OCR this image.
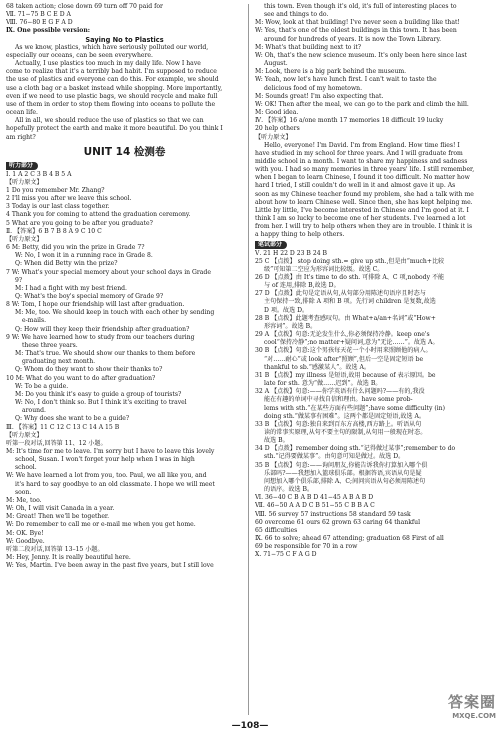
68 taken action; close down 69 turn off 70 paid for
Ⅶ. 71−75 B C E D A
Ⅷ. 76−80 E G F A D
Ⅸ. One possible version:
Saying No to Plastics
As we know, plastics, which have seriously polluted our world,
especially our oceans, can be seen everywhere.
Actually, I use plastics too much in my daily life. Now I have
come to realize that it's a terribly bad habit. I'm supposed to reduce
the use of plastics and everyone can do this. For example, we should
use a cloth bag or a basket instead while shopping. More importantly,
even if we need to use plastic bags, we should recycle and make full
use of them in order to stop them flowing into oceans to pollute the
ocean life.
All in all, we should reduce the use of plastics so that we can
hopefully protect the earth and make it more beautiful. Do you think I
am right?
UNIT 14 检测卷
听力部分
Ⅰ. 1 A 2 C 3 B 4 B 5 A
【听力原文】
1 Do you remember Mr. Zhang?
2 I'll miss you after we leave this school.
3 Today is our last class together.
4 Thank you for coming to attend the graduation ceremony.
5 What are you going to be after you graduate?
Ⅱ. 【答案】6 B 7 B 8 A 9 C 10 C
【听力原文】
6 M: Betty, did you win the prize in Grade 7?
W: No, I won it in a running race in Grade 8.
Q: When did Betty win the prize?
7 W: What's your special memory about your school days in Grade
9?
M: I had a fight with my best friend.
Q: What's the boy's special memory of Grade 9?
8 W: Tom, I hope our friendship will last after graduation.
M: Me, too. We should keep in touch with each other by sending
e-mails.
Q: How will they keep their friendship after graduation?
9 W: We have learned how to study from our teachers during
these three years.
M: That's true. We should show our thanks to them before
graduating next month.
Q: Whom do they want to show their thanks to?
10 M: What do you want to do after graduation?
W: To be a guide.
M: Do you think it's easy to guide a group of tourists?
W: No, I don't think so. But I think it's exciting to travel
around.
Q: Why does she want to be a guide?
Ⅲ. 【答案】11 C 12 C 13 C 14 A 15 B
【听力原文】
听第一段对话,回答第 11、12 小题。
M: It's time for me to leave. I'm sorry but I have to leave this lovely
school, Susan. I won't forget your help when I was in high
school.
W: We have learned a lot from you, too. Paul, we all like you, and
it's hard to say goodbye to an old classmate. I hope we will meet
soon.
M: Me, too.
W: Oh, I will visit Canada in a year.
M: Great! Then we'll be together.
W: Do remember to call me or e-mail me when you get home.
M: OK. Bye!
W: Goodbye.
听第二段对话,回答第 13–15 小题。
M: Hey, Jenny. It is really beautiful here.
W: Yes, Martin. I've been away in the past five years, but I still love
this town. Even though it's old, it's full of interesting places to
see and things to do.
M: Wow, look at that building! I've never seen a building like that!
W: Yes, that's one of the oldest buildings in this town. It has been
around for hundreds of years. It is now the Town Library.
M: What's that building next to it?
W: Oh, that's the new science museum. It's only been here since last
August.
M: Look, there is a big park behind the museum.
W: Yeah, now let's have lunch first. I can't wait to taste the
delicious food of my hometown.
M: Sounds great! I'm also expecting that.
W: OK! Then after the meal, we can go to the park and climb the hill.
M: Good idea.
Ⅳ. 【答案】16 a/one month 17 memories 18 difficult 19 lucky
20 help others
【听力原文】
Hello, everyone! I'm David. I'm from England. How time flies! I
have studied in my school for three years. And I will graduate from
middle school in a month. I want to share my happiness and sadness
with you. I had so many memories in three years' life. I still remember,
when I began to learn Chinese, I found it too difficult. No matter how
hard I tried, I still couldn't do well in it and almost gave it up. As
soon as my Chinese teacher found my problem, she had a talk with me
about how to learn Chinese well. Since then, she has kept helping me.
Little by little, I've become interested in Chinese and I'm good at it. I
think I am so lucky to become one of her students. I've learned a lot
from her. I will try to help others when they are in trouble. I think it is
a happy thing to help others.
笔试部分
Ⅴ. 21 H 22 D 23 B 24 B
25 C 【点拨】 stop doing sth.= give up sth.,但是由“much+比较
级”可知第二空应为形容词比较级。故选 C。
26 D 【点拨】由 It's time to do sth. 可排除 A、C 项,nobody 不能
与 of 连用,排除 B,故选 D。
27 D 【点拨】此句是定语从句,从句部分用陈述句语序且时态与
主句保持一致,排除 A 项和 B 项。先行词 children 是复数,故选
D 项。故选 D。
28 B 【点拨】此题考查感叹句。由 What+a/an+名词”或“How+
形容词”。故选 B。
29 A 【点拨】句意:无论发生什么,你必须保持冷静。keep one's
cool“保持冷静”;no matter+疑问词,意为“无论……”。故选 A。
30 B 【点拨】句意:这个男孩每天花一个小时用来照顾他的病人。
“对……耐心”或 look after“照顾”,但后一空是固定短语 be
thankful to sb.“感激某人”。故选 A。
31 B 【点拨】my illness 是短语,故用 because of 表示原因。be
late for sth. 意为“做……迟到”。故选 B。
32 A 【点拨】句意:——你学英语有什么问题吗?——有的,我没
能在有趣的单词中寻找自信和理由。have some prob-
lems with sth.“在某些方面有些问题”;have some difficulty (in)
doing sth.“做某事有困难”。这两个都是固定短语,故选 A。
33 B 【点拨】句意:独自来到百东方高楼,西方路上。听语从句
读的常事实原理,从句不要主句的限制,从句用一般现在时态。
故选 B。
34 D 【点拨】remember doing sth.“记得做过某事”;remember to do
sth.“记得要做某事”。由句意可知是做过。故选 D。
35 B 【点拨】句意:——询问朋友,你能告诉我你打算加入哪个俱
乐部吗?——我想加入篮球俱乐部。根据答语,宾语从句是疑
问想加入哪个俱乐部,排除 A、C;间问宾语从句必须用陈述句
的语序。故选 B。
Ⅵ. 36−40 C B A B D 41−45 A B A B D
Ⅶ. 46−50 A A D C B 51−55 C B B A C
Ⅷ. 56 survey 57 instructions 58 standard 59 task
60 overcome 61 ours 62 grown 63 caring 64 thankful
65 difficulties
Ⅸ. 66 to solve; ahead 67 attending; graduation 68 First of all
69 be responsible for 70 in a row
Ⅹ. 71−75 C F A G D
—108—
答案圈
MXQE.COM
